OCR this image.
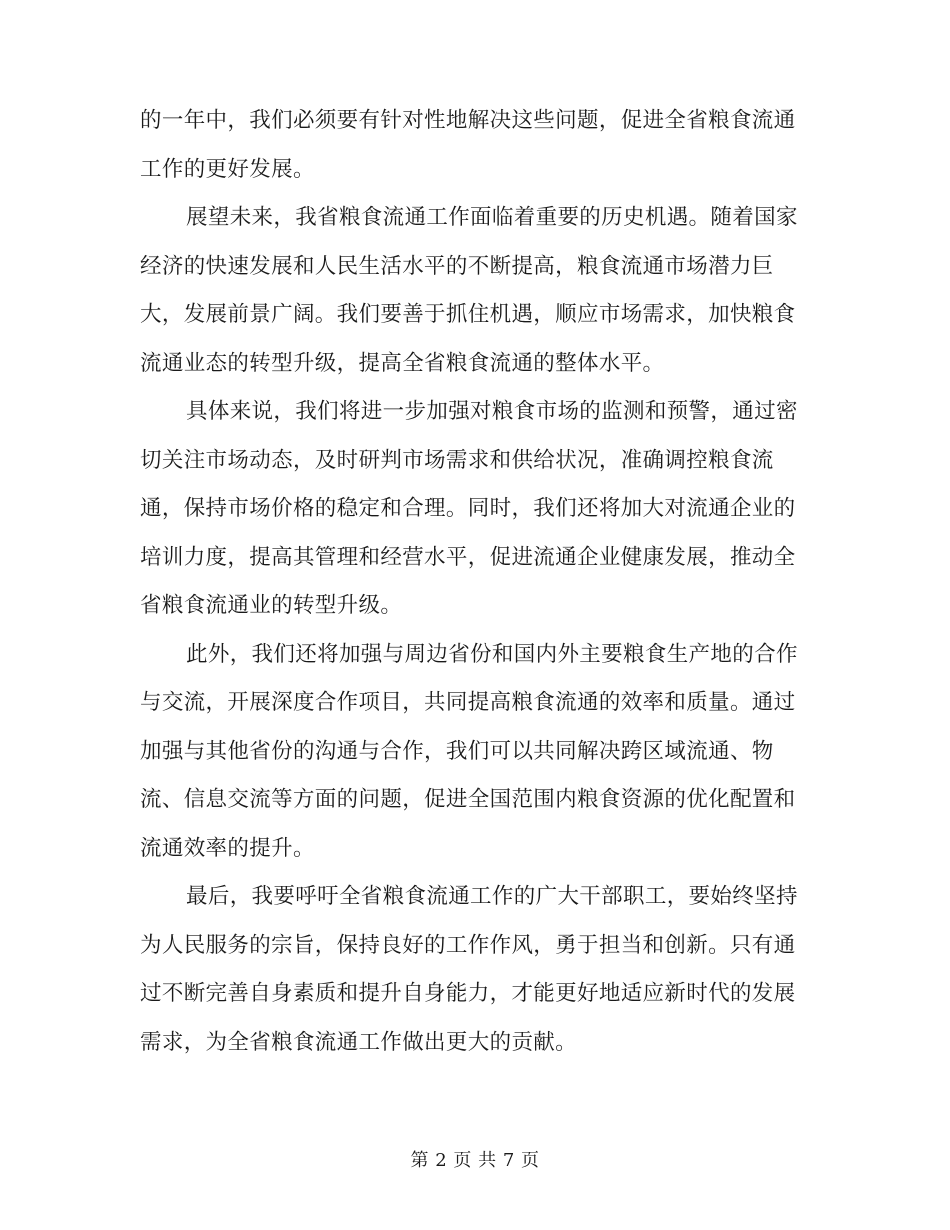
的一年中，我们必须要有针对性地解决这些问题，促进全省粮食流通
工作的更好发展。

展望未来，我省粮食流通工作面临着重要的历史机遇。随着国家
经济的快速发展和人民生活水平的不断提高，粮食流通市场潜力巨
大，发展前景广阔。我们要善于抓住机遇，顺应市场需求，加快粮食
流通业态的转型升级，提高全省粮食流通的整体水平。

具体来说，我们将进一步加强对粮食市场的监测和预警，通过密
切关注市场动态，及时研判市场需求和供给状况，准确调控粮食流
通，保持市场价格的稳定和合理。同时，我们还将加大对流通企业的
培训力度，提高其管理和经营水平，促进流通企业健康发展，推动全
省粮食流通业的转型升级。

此外，我们还将加强与周边省份和国内外主要粮食生产地的合作
与交流，开展深度合作项目，共同提高粮食流通的效率和质量。通过
加强与其他省份的沟通与合作，我们可以共同解决跨区域流通、物
流、信息交流等方面的问题，促进全国范围内粮食资源的优化配置和
流通效率的提升。

最后，我要呼吁全省粮食流通工作的广大干部职工，要始终坚持
为人民服务的宗旨，保持良好的工作作风，勇于担当和创新。只有通
过不断完善自身素质和提升自身能力，才能更好地适应新时代的发展
需求，为全省粮食流通工作做出更大的贡献。

第 2 页 共 7 页
